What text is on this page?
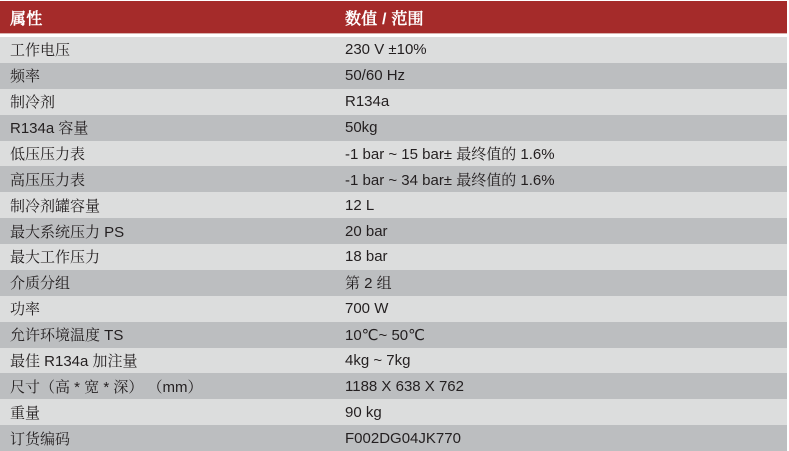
属性	数值 / 范围
工作电压	230 V ±10%
频率	50/60 Hz
制冷剂	R134a
R134a 容量	50kg
低压压力表	-1 bar ~ 15 bar± 最终值的 1.6%
高压压力表	-1 bar ~ 34 bar± 最终值的 1.6%
制冷剂罐容量	12 L
最大系统压力 PS	20 bar
最大工作压力	18 bar
介质分组	第 2 组
功率	700 W
允许环境温度 TS	10℃~ 50℃
最佳 R134a 加注量	4kg ~ 7kg
尺寸（高 * 宽 * 深） （mm）	1188 X 638 X 762
重量	90 kg
订货编码	F002DG04JK770
